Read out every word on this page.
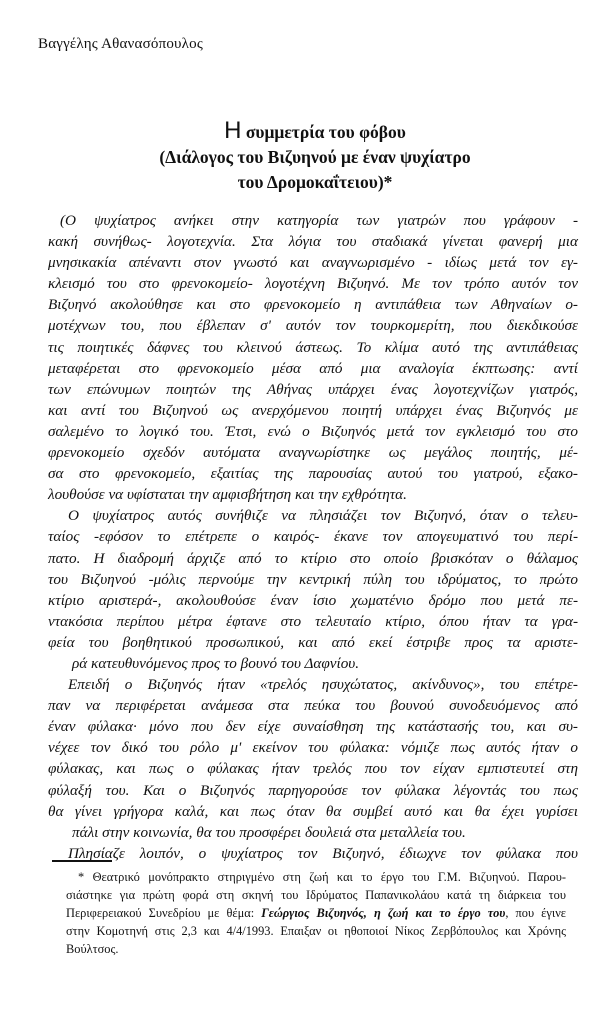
Βαγγέλης Αθανασόπουλος
Η συμμετρία του φόβου
(Διάλογος του Βιζυηνού με έναν ψυχίατρο
του Δρομοκαΐτειου)*
(Ο ψυχίατρος ανήκει στην κατηγορία των γιατρών που γράφουν -
κακή συνήθως- λογοτεχνία. Στα λόγια του σταδιακά γίνεται φανερή μια
μνησικακία απέναντι στον γνωστό και αναγνωρισμένο - ιδίως μετά τον εγ-
κλεισμό του στο φρενοκομείο- λογοτέχνη Βιζυηνό. Με τον τρόπο αυτόν τον
Βιζυηνό ακολούθησε και στο φρενοκομείο η αντιπάθεια των Αθηναίων ο-
μοτέχνων του, που έβλεπαν σ' αυτόν τον τουρκομερίτη, που διεκδικούσε
τις ποιητικές δάφνες του κλεινού άστεως. Το κλίμα αυτό της αντιπάθειας
μεταφέρεται στο φρενοκομείο μέσα από μια αναλογία έκπτωσης: αντί
των επώνυμων ποιητών της Αθήνας υπάρχει ένας λογοτεχνίζων γιατρός,
και αντί του Βιζυηνού ως ανερχόμενου ποιητή υπάρχει ένας Βιζυηνός με
σαλεμένο το λογικό του. Έτσι, ενώ ο Βιζυηνός μετά τον εγκλεισμό του στο
φρενοκομείο σχεδόν αυτόματα αναγνωρίστηκε ως μεγάλος ποιητής, μέ-
σα στο φρενοκομείο, εξαιτίας της παρουσίας αυτού του γιατρού, εξακο-
λουθούσε να υφίσταται την αμφισβήτηση και την εχθρότητα.
Ο ψυχίατρος αυτός συνήθιζε να πλησιάζει τον Βιζυηνό, όταν ο τελευ-
ταίος -εφόσον το επέτρεπε ο καιρός- έκανε τον απογευματινό του περί-
πατο. Η διαδρομή άρχιζε από το κτίριο στο οποίο βρισκόταν ο θάλαμος
του Βιζυηνού -μόλις περνούμε την κεντρική πύλη του ιδρύματος, το πρώτο
κτίριο αριστερά-, ακολουθούσε έναν ίσιο χωματένιο δρόμο που μετά πε-
ντακόσια περίπου μέτρα έφτανε στο τελευταίο κτίριο, όπου ήταν τα γρα-
φεία του βοηθητικού προσωπικού, και από εκεί έστριβε προς τα αριστε-
ρά κατευθυνόμενος προς το βουνό του Δαφνίου.
Επειδή ο Βιζυηνός ήταν «τρελός ησυχώτατος, ακίνδυνος», του επέτρε-
παν να περιφέρεται ανάμεσα στα πεύκα του βουνού συνοδευόμενος από
έναν φύλακα· μόνο που δεν είχε συναίσθηση της κατάστασής του, και συ-
νέχεε τον δικό του ρόλο μ' εκείνον του φύλακα: νόμιζε πως αυτός ήταν ο
φύλακας, και πως ο φύλακας ήταν τρελός που τον είχαν εμπιστευτεί στη
φύλαξή του. Και ο Βιζυηνός παρηγορούσε τον φύλακα λέγοντάς του πως
θα γίνει γρήγορα καλά, και πως όταν θα συμβεί αυτό και θα έχει γυρίσει
πάλι στην κοινωνία, θα του προσφέρει δουλειά στα μεταλλεία του.
Πλησίαζε λοιπόν, ο ψυχίατρος τον Βιζυηνό, έδιωχνε τον φύλακα που
* Θεατρικό μονόπρακτο στηριγμένο στη ζωή και το έργο του Γ.Μ. Βιζυηνού. Παρου-
σιάστηκε για πρώτη φορά στη σκηνή του Ιδρύματος Παπανικολάου κατά τη διάρκεια του
Περιφερειακού Συνεδρίου με θέμα: Γεώργιος Βιζυηνός, η ζωή και το έργο του, που έγινε
στην Κομοτηνή στις 2,3 και 4/4/1993. Επαιξαν οι ηθοποιοί Νίκος Ζερβόπουλος και Χρόνης
Βούλτσος.
